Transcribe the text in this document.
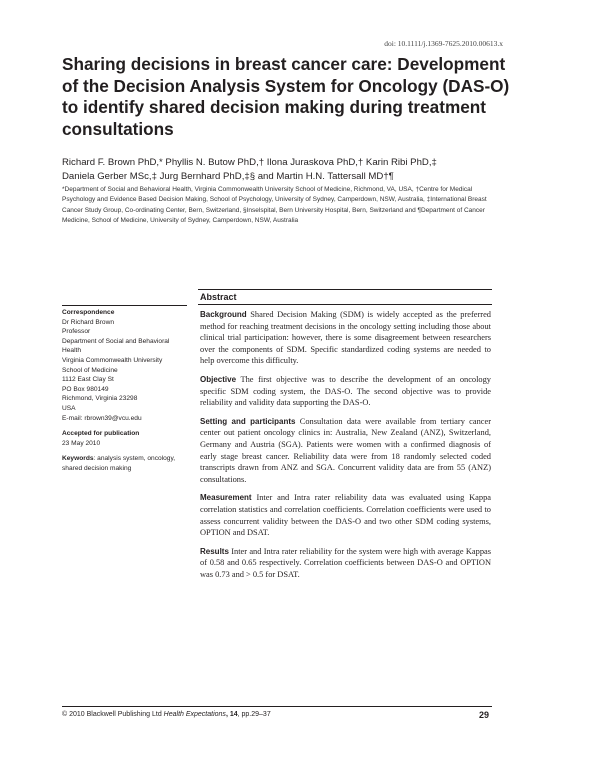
doi: 10.1111/j.1369-7625.2010.00613.x
Sharing decisions in breast cancer care: Development of the Decision Analysis System for Oncology (DAS-O) to identify shared decision making during treatment consultations
Richard F. Brown PhD,* Phyllis N. Butow PhD,† Ilona Juraskova PhD,† Karin Ribi PhD,‡
Daniela Gerber MSc,‡ Jurg Bernhard PhD,‡§ and Martin H.N. Tattersall MD†¶
*Department of Social and Behavioral Health, Virginia Commonwealth University School of Medicine, Richmond, VA, USA, †Centre for Medical Psychology and Evidence Based Decision Making, School of Psychology, University of Sydney, Camperdown, NSW, Australia, ‡International Breast Cancer Study Group, Co-ordinating Center, Bern, Switzerland, §Inselspital, Bern University Hospital, Bern, Switzerland and ¶Department of Cancer Medicine, School of Medicine, University of Sydney, Camperdown, NSW, Australia
Abstract
Correspondence
Dr Richard Brown
Professor
Department of Social and Behavioral
Health
Virginia Commonwealth University
School of Medicine
1112 East Clay St
PO Box 980149
Richmond, Virginia 23298
USA
E-mail: rbrown39@vcu.edu
Accepted for publication
23 May 2010
Keywords: analysis system, oncology, shared decision making

Background Shared Decision Making (SDM) is widely accepted as the preferred method for reaching treatment decisions in the oncology setting including those about clinical trial participation: however, there is some disagreement between researchers over the components of SDM. Specific standardized coding systems are needed to help overcome this difficulty.

Objective The first objective was to describe the development of an oncology specific SDM coding system, the DAS-O. The second objective was to provide reliability and validity data supporting the DAS-O.

Setting and participants Consultation data were available from tertiary cancer center out patient oncology clinics in: Australia, New Zealand (ANZ), Switzerland, Germany and Austria (SGA). Patients were women with a confirmed diagnosis of early stage breast cancer. Reliability data were from 18 randomly selected coded transcripts drawn from ANZ and SGA. Concurrent validity data are from 55 (ANZ) consultations.

Measurement Inter and Intra rater reliability data was evaluated using Kappa correlation statistics and correlation coefficients. Correlation coefficients were used to assess concurrent validity between the DAS-O and two other SDM coding systems, OPTION and DSAT.

Results Inter and Intra rater reliability for the system were high with average Kappas of 0.58 and 0.65 respectively. Correlation coefficients between DAS-O and OPTION was 0.73 and > 0.5 for DSAT.

© 2010 Blackwell Publishing Ltd Health Expectations, 14, pp.29–37	29
